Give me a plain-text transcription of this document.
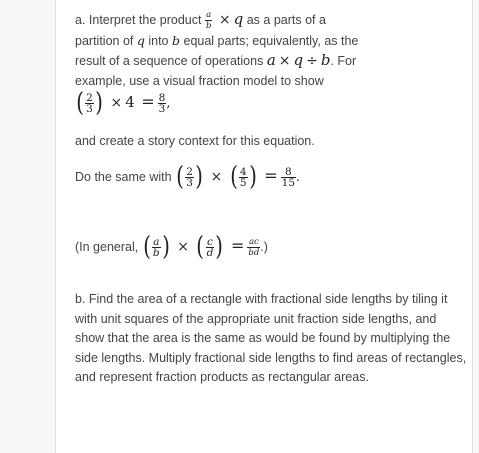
a. Interpret the product $\frac{a}{b} \times q$ as a parts of a
partition of q into b equal parts; equivalently, as the
result of a sequence of operations a × q ÷ b. For
example, use a visual fraction model to show
( $\frac{2}{3}$ ) × $4 = \frac{8}{3}$ ,
and create a story context for this equation.
Do the same with ( $\frac{2}{3}$ ) × ( $\frac{4}{5}$ ) = $\frac{8}{15}$ .
(In general, ( $\frac{a}{b}$ ) × ( $\frac{c}{d}$ ) = $\frac{ac}{bd}$ .)
b. Find the area of a rectangle with fractional side lengths by tiling it with unit squares of the appropriate unit fraction side lengths, and show that the area is the same as would be found by multiplying the side lengths. Multiply fractional side lengths to find areas of rectangles, and represent fraction products as rectangular areas.
